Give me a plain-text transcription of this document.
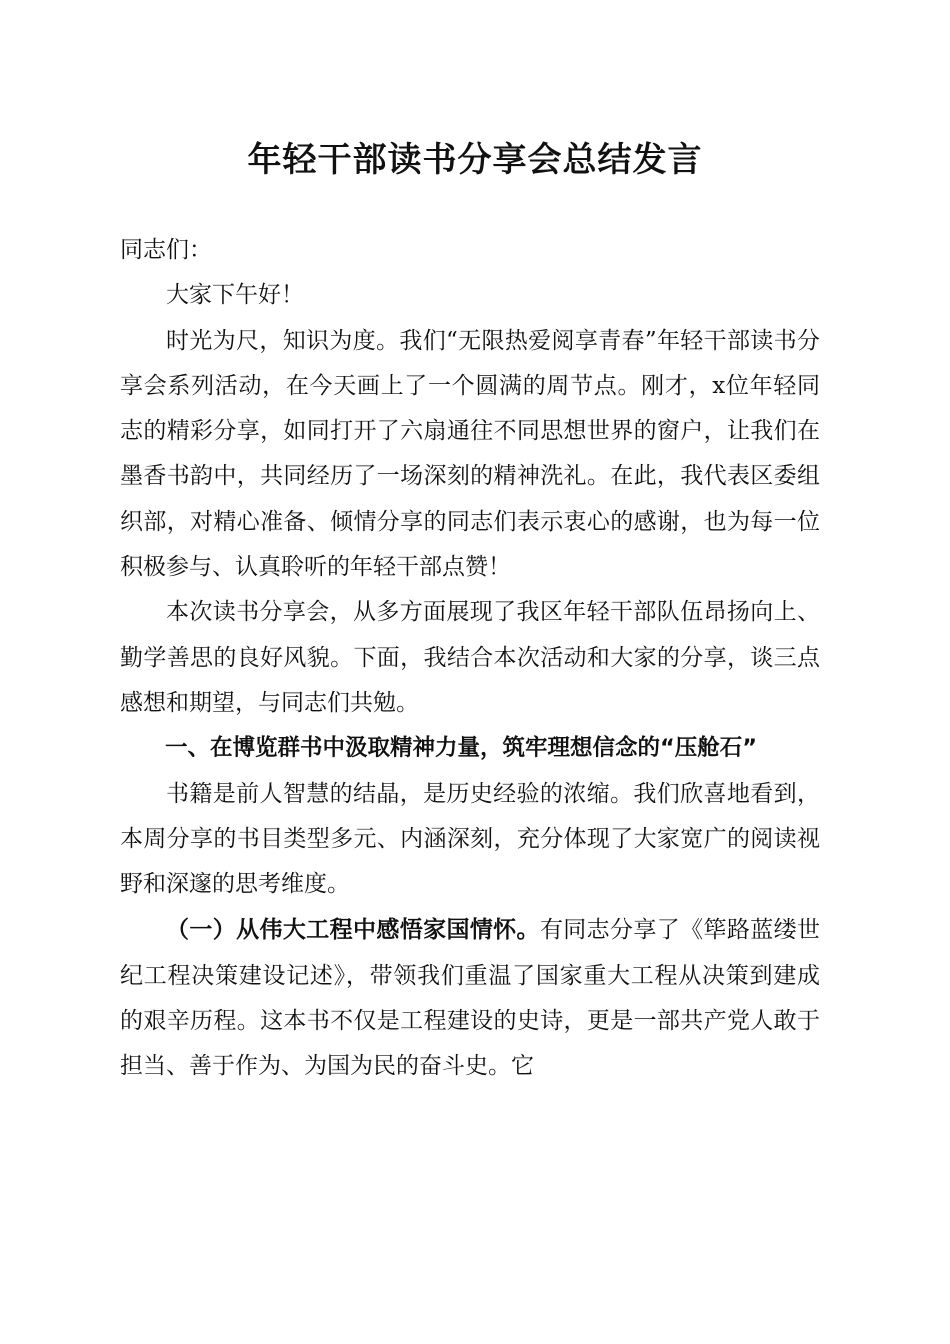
年轻干部读书分享会总结发言

同志们：

大家下午好！

时光为尺，知识为度。我们“无限热爱阅享青春”年轻干部读书分享会系列活动，在今天画上了一个圆满的周节点。刚才，x位年轻同志的精彩分享，如同打开了六扇通往不同思想世界的窗户，让我们在墨香书韵中，共同经历了一场深刻的精神洗礼。在此，我代表区委组织部，对精心准备、倾情分享的同志们表示衷心的感谢，也为每一位积极参与、认真聆听的年轻干部点赞！

本次读书分享会，从多方面展现了我区年轻干部队伍昂扬向上、勤学善思的良好风貌。下面，我结合本次活动和大家的分享，谈三点感想和期望，与同志们共勉。

一、在博览群书中汲取精神力量，筑牢理想信念的“压舱石”

书籍是前人智慧的结晶，是历史经验的浓缩。我们欣喜地看到，本周分享的书目类型多元、内涵深刻，充分体现了大家宽广的阅读视野和深邃的思考维度。

（一）从伟大工程中感悟家国情怀。有同志分享了《筚路蓝缕世纪工程决策建设记述》，带领我们重温了国家重大工程从决策到建成的艰辛历程。这本书不仅是工程建设的史诗，更是一部共产党人敢于担当、善于作为、为国为民的奋斗史。它
